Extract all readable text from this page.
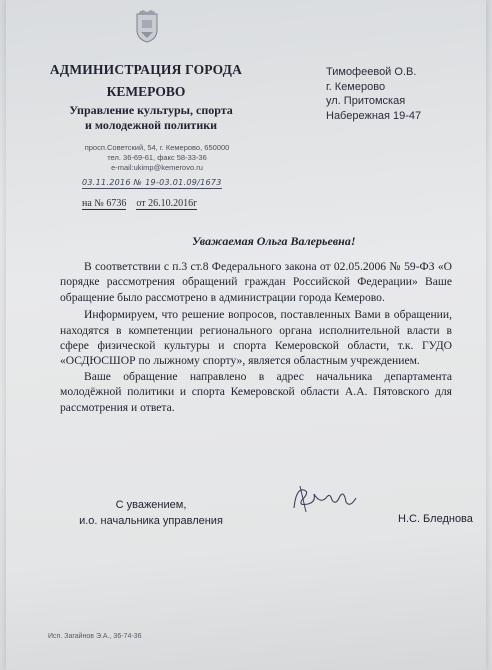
АДМИНИСТРАЦИЯ ГОРОДА
КЕМЕРОВО
Управление культуры, спорта
и молодежной политики
просп.Советский, 54, г. Кемерово, 650000
тел. 36-69-61, факс 58-33-36
e-mail:ukimp@kemerovo.ru
03.11.2016 № 19-03.01.09/1673
на № 6736 от 26.10.2016г
Тимофеевой О.В.
г. Кемерово
ул. Притомская
Набережная 19-47
Уважаемая Ольга Валерьевна!

В соответствии с п.3 ст.8 Федерального закона от 02.05.2006 № 59-ФЗ «О порядке рассмотрения обращений граждан Российской Федерации» Ваше обращение было рассмотрено в администрации города Кемерово.

Информируем, что решение вопросов, поставленных Вами в обращении, находятся в компетенции регионального органа исполнительной власти в сфере физической культуры и спорта Кемеровской области, т.к. ГУДО «ОСДЮСШОР по лыжному спорту», является областным учреждением.

Ваше обращение направлено в адрес начальника департамента молодёжной политики и спорта Кемеровской области А.А. Пятовского для рассмотрения и ответа.

С уважением,
и.о. начальника управления	Н.С. Бледнова
Исп. Загайнов Э.А., 36-74-36
